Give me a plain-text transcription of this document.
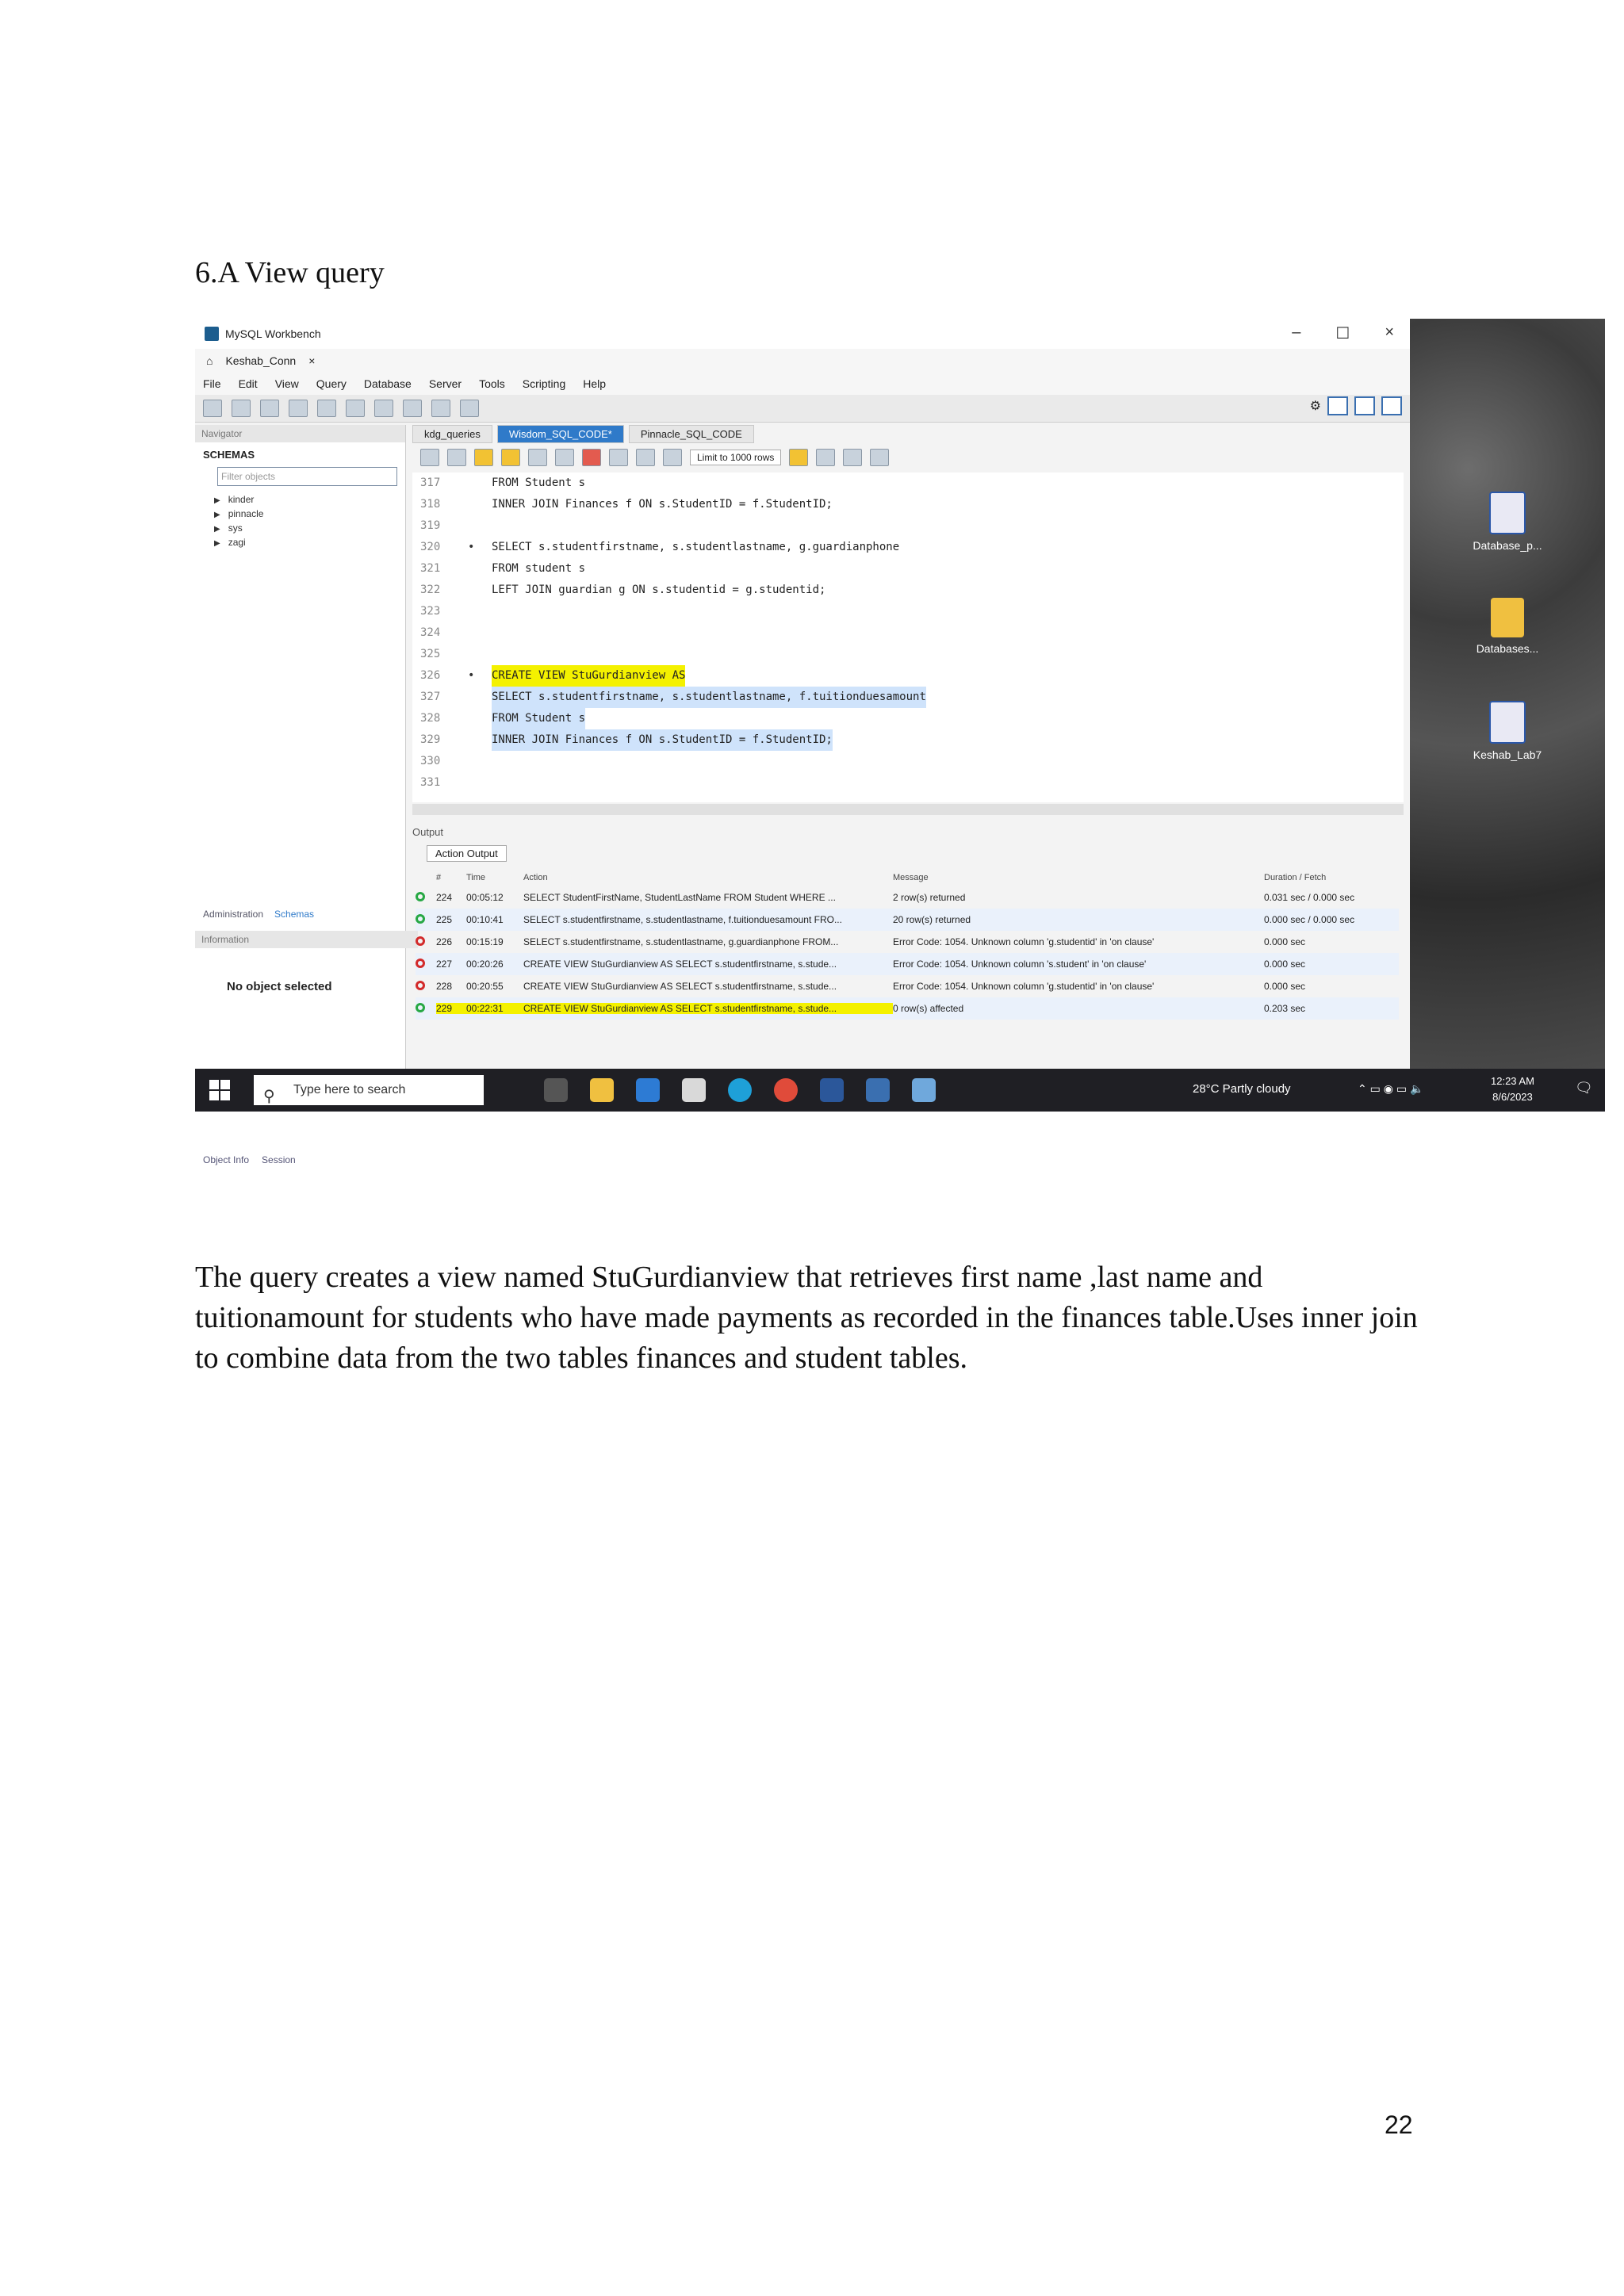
6.A View query
Database_p...
Databases...
Keshab_Lab7
MySQL Workbench	– ☐ ×
⌂ Keshab_Conn ×
File Edit View Query Database Server Tools Scripting Help
⚙
Navigator
SCHEMAS
Filter objects
▶ kinder
▶ pinnacle
▶ sys
▶ zagi
Administration Schemas
Information
No object selected
Object Info Session
kdg_queries	Wisdom_SQL_CODE*	Pinnacle_SQL_CODE
Limit to 1000 rows
317	FROM Student s
318	INNER JOIN Finances f ON s.StudentID = f.StudentID;
319
320	•	SELECT s.studentfirstname, s.studentlastname, g.guardianphone
321	FROM student s
322	LEFT JOIN guardian g ON s.studentid = g.studentid;
323
324
325
326	•	CREATE VIEW StuGurdianview AS
327	SELECT s.studentfirstname, s.studentlastname, f.tuitionduesamount
328	FROM Student s
329	INNER JOIN Finances f ON s.StudentID = f.StudentID;
330
331
Output
Action Output
#	Time	Action	Message	Duration / Fetch
224	00:05:12	SELECT StudentFirstName, StudentLastName FROM Student WHERE ...	2 row(s) returned	0.031 sec / 0.000 sec
225	00:10:41	SELECT s.studentfirstname, s.studentlastname, f.tuitionduesamount FRO...	20 row(s) returned	0.000 sec / 0.000 sec
226	00:15:19	SELECT s.studentfirstname, s.studentlastname, g.guardianphone FROM...	Error Code: 1054. Unknown column 'g.studentid' in 'on clause'	0.000 sec
227	00:20:26	CREATE VIEW StuGurdianview AS SELECT s.studentfirstname, s.stude...	Error Code: 1054. Unknown column 's.student' in 'on clause'	0.000 sec
228	00:20:55	CREATE VIEW StuGurdianview AS SELECT s.studentfirstname, s.stude...	Error Code: 1054. Unknown column 'g.studentid' in 'on clause'	0.000 sec
229	00:22:31	CREATE VIEW StuGurdianview AS SELECT s.studentfirstname, s.stude...	0 row(s) affected	0.203 sec
⚲ Type here to search	28°C Partly cloudy	⌃ ▭ ◉ ▭ 🔈
12:23 AM
8/6/2023
🗨
The query creates a view named StuGurdianview that retrieves first name ,last name and tuitionamount for students who have made payments as recorded in the finances table.Uses inner join to combine data from the two tables finances and student tables.
22
